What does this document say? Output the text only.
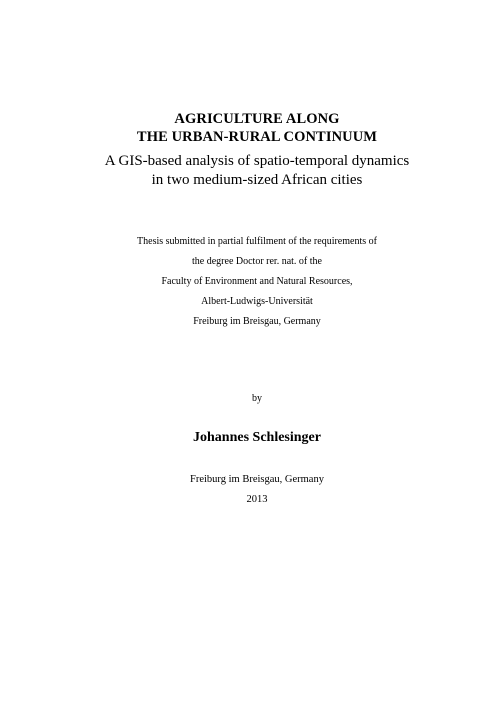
AGRICULTURE ALONG
THE URBAN-RURAL CONTINUUM
A GIS-based analysis of spatio-temporal dynamics
in two medium-sized African cities
Thesis submitted in partial fulfilment of the requirements of
the degree Doctor rer. nat. of the
Faculty of Environment and Natural Resources,
Albert-Ludwigs-Universität
Freiburg im Breisgau, Germany
by
Johannes Schlesinger
Freiburg im Breisgau, Germany
2013
